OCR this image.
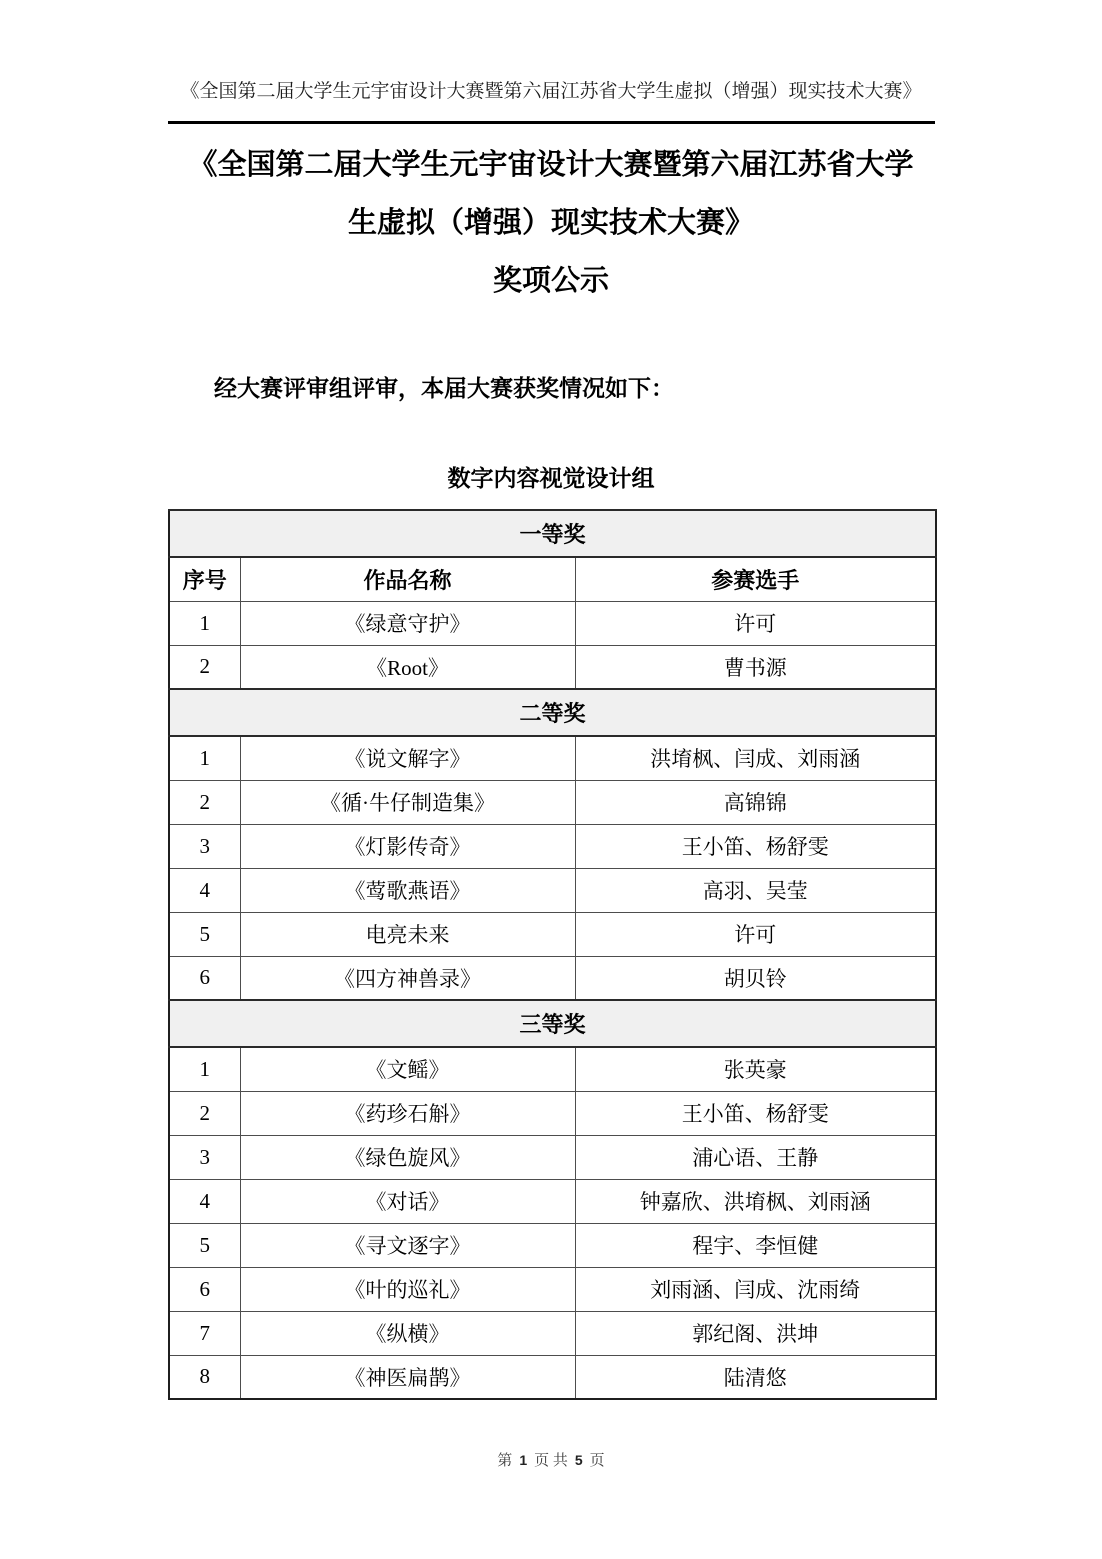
《全国第二届大学生元宇宙设计大赛暨第六届江苏省大学生虚拟（增强）现实技术大赛》
《全国第二届大学生元宇宙设计大赛暨第六届江苏省大学
生虚拟（增强）现实技术大赛》
奖项公示

经大赛评审组评审，本届大赛获奖情况如下：

数字内容视觉设计组
一等奖		
序号	作品名称	参赛选手
1	《绿意守护》	许可
2	《Root》	曹书源
二等奖		
1	《说文解字》	洪堉枫、闫成、刘雨涵
2	《循·牛仔制造集》	高锦锦
3	《灯影传奇》	王小笛、杨舒雯
4	《莺歌燕语》	高羽、吴莹
5	电亮未来	许可
6	《四方神兽录》	胡贝铃
三等奖		
1	《文鳐》	张英豪
2	《药珍石斛》	王小笛、杨舒雯
3	《绿色旋风》	浦心语、王静
4	《对话》	钟嘉欣、洪堉枫、刘雨涵
5	《寻文逐字》	程宇、李恒健
6	《叶的巡礼》	刘雨涵、闫成、沈雨绮
7	《纵横》	郭纪阁、洪坤
8	《神医扁鹊》	陆清悠
第 1 页 共 5 页
